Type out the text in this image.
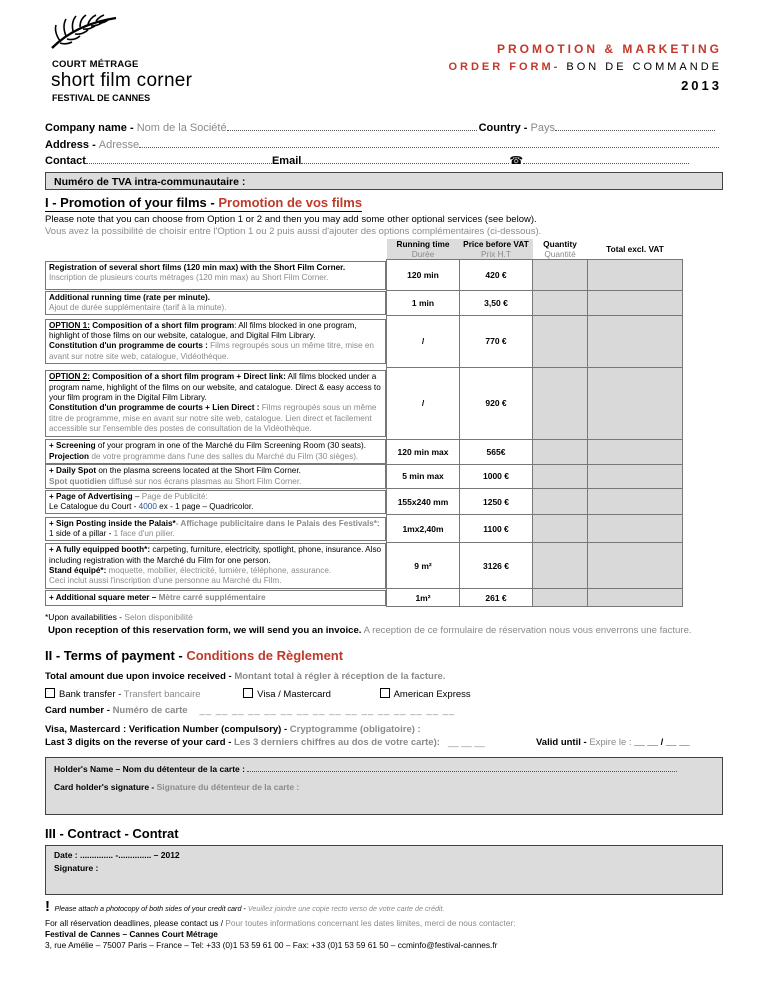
COURT MÉTRAGE
short film corner
FESTIVAL DE CANNES
PROMOTION & MARKETING
ORDER FORM- BON DE COMMANDE
2013
Company name - Nom de la Société	Country - Pays
Address - Adresse
Contact	Email	☎
Numéro de TVA intra-communautaire :
I - Promotion of your films - Promotion de vos films
Please note that you can choose from Option 1 or 2 and then you may add some other optional services (see below).
Vous avez la possibilité de choisir entre l'Option 1 ou 2 puis aussi d'ajouter des options complémentaires (ci-dessous).
	Running time
Durée	Price before VAT
Prix H.T	Quantity
Quantité	Total excl. VAT

Registration of several short films (120 min max) with the Short Film Corner.
Inscription de plusieurs courts métrages (120 min max) au Short Film Corner.	120 min	420 €		

Additional running time (rate per minute).
Ajout de durée supplémentaire (tarif à la minute).	1 min	3,50 €		

OPTION 1: Composition of a short film program: All films blocked in one program, highlight of those films on our website, catalogue, and Digital Film Library.
Constitution d'un programme de courts : Films regroupés sous un même titre, mise en avant sur notre site web, catalogue, Vidéothèque.	/	770 €		

OPTION 2: Composition of a short film program + Direct link: All films blocked under a program name, highlight of the films on our website, and catalogue. Direct & easy access to your film program in the Digital Film Library.
Constitution d'un programme de courts + Lien Direct : Films regroupés sous un même titre de programme, mise en avant sur notre site web, catalogue. Lien direct et facilement accessible sur l'ensemble des postes de consultation de la Vidéothèque.	/	920 €		

+ Screening of your program in one of the Marché du Film Screening Room (30 seats).
Projection de votre programme dans l'une des salles du Marché du Film (30 sièges).	120 min max	565€		

+ Daily Spot on the plasma screens located at the Short Film Corner.
Spot quotidien diffusé sur nos écrans plasmas au Short Film Corner.	5 min max	1000 €		

+ Page of Advertising – Page de Publicité:
Le Catalogue du Court - 4000 ex - 1 page – Quadricolor.	155x240 mm	1250 €		

+ Sign Posting inside the Palais*- Affichage publicitaire dans le Palais des Festivals*:
1 side of a pillar - 1 face d'un pilier.	1mx2,40m	1100 €		

+ A fully equipped booth*: carpeting, furniture, electricity, spotlight, phone, insurance. Also including registration with the Marché du Film for one person.
Stand équipé*: moquette, mobilier, électricité, lumière, téléphone, assurance.
Ceci inclut aussi l'inscription d'une personne au Marché du Film.	9 m²	3126 €		

+ Additional square meter – Mètre carré supplémentaire	1m²	261 €		
*Upon availabilities - Selon disponibilité
Upon reception of this reservation form, we will send you an invoice. A reception de ce formulaire de réservation nous vous enverrons une facture.
II - Terms of payment - Conditions de Règlement
Total amount due upon invoice received - Montant total à régler à réception de la facture.
Bank transfer - Transfert bancaire	Visa / Mastercard	American Express
Card number - Numéro de carte __ __ __ __ __ __ __ __ __ __ __ __ __ __ __ __
Visa, Mastercard : Verification Number (compulsory) - Cryptogramme (obligatoire) :
Last 3 digits on the reverse of your card - Les 3 derniers chiffres au dos de votre carte): __ __ __	Valid until - Expire le : __ __ / __ __
Holder's Name – Nom du détenteur de la carte :
Card holder's signature - Signature du détenteur de la carte :
III - Contract - Contrat
Date : .............. -.............. – 2012
Signature :
! Please attach a photocopy of both sides of your credit card - Veuillez joindre une copie recto verso de votre carte de crédit.
For all réservation deadlines, please contact us / Pour toutes informations concernant les dates limites, merci de nous contacter:
Festival de Cannes – Cannes Court Métrage
3, rue Amélie – 75007 Paris – France – Tel: +33 (0)1 53 59 61 00 – Fax: +33 (0)1 53 59 61 50 – ccminfo@festival-cannes.fr
